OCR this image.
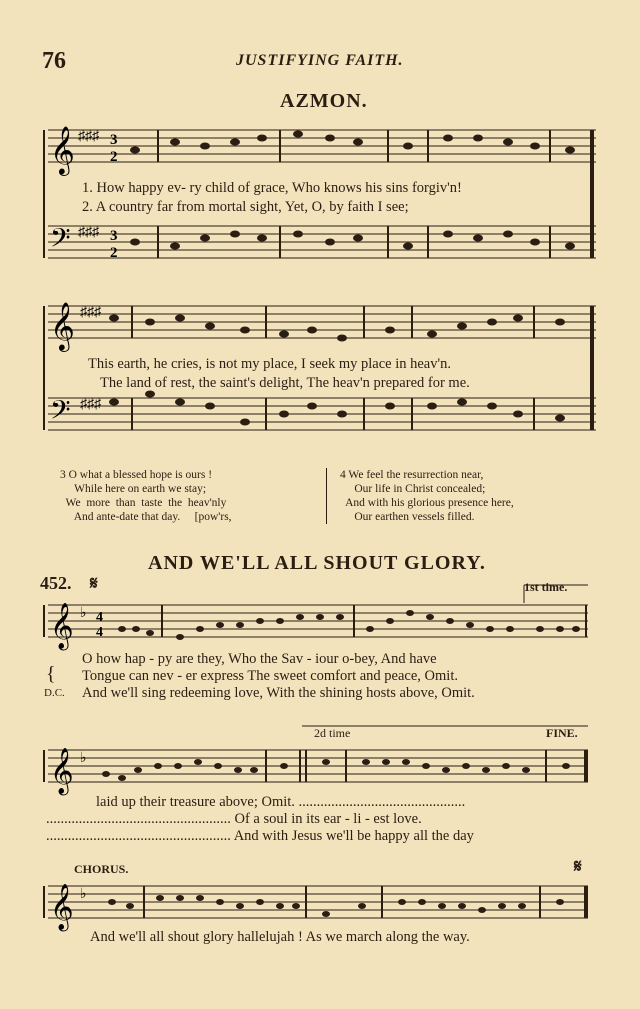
76	JUSTIFYING FAITH.
AZMON.
𝄞
𝄢
♯♯♯
♯♯♯
3
2
3
2
1. How happy ev- ry child of grace, Who knows his sins forgiv'n!
2. A country far from mortal sight, Yet, O, by faith I see;
𝄞
𝄢
♯♯♯
♯♯♯
This earth, he cries, is not my place, I seek my place in heav'n.
The land of rest, the saint's delight, The heav'n prepared for me.
3 O what a blessed hope is ours !
While here on earth we stay;
We  more  than  taste  the  heav'nly
And ante-date that day.     [pow'rs,
4 We feel the resurrection near,
Our life in Christ concealed;
And with his glorious presence here,
Our earthen vessels filled.
AND WE'LL ALL SHOUT GLORY.
452. 𝄋	1st time.
𝄞 ♭ 4
4
{
O how hap - py are they, Who the Sav - iour o-bey, And have
Tongue can nev - er express The sweet comfort and peace, Omit.
D.C. And we'll sing redeeming love, With the shining hosts above, Omit.
2d time	FINE.
𝄞 ♭
laid up their treasure above; Omit. ..............................................
................................................... Of a soul in its ear - li - est love.
................................................... And with Jesus we'll be happy all the day
CHORUS.	𝄋
𝄞 ♭
And we'll all shout glory hallelujah ! As we march along the way.
